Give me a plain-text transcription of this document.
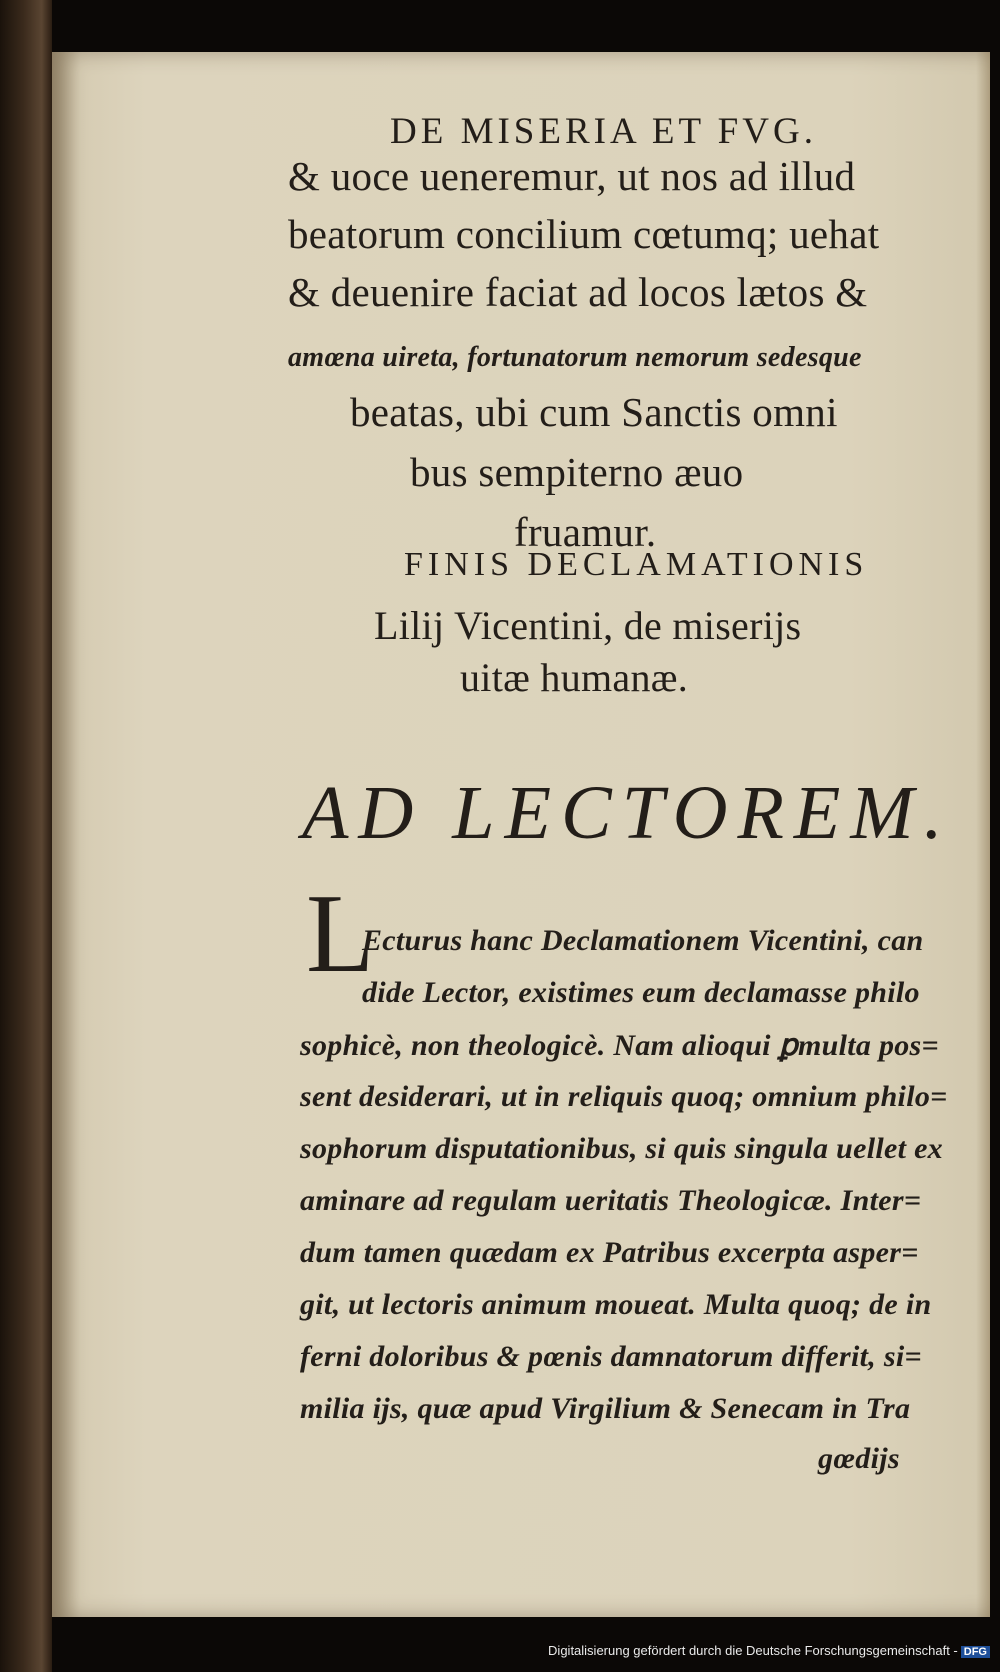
DE MISERIA ET FVG.
& uoce ueneremur, ut nos ad illud
beatorum concilium cœtumq; uehat
& deuenire faciat ad locos lætos &
amœna uireta, fortunatorum nemorum sedesque
beatas, ubi cum Sanctis omni
bus sempiterno æuo
fruamur.
FINIS DECLAMATIONIS
Lilij Vicentini, de miserijs
uitæ humanæ.
AD LECTOREM.
L
Ecturus hanc Declamationem Vicentini, can
dide Lector, existimes eum declamasse philo
sophicè, non theologicè. Nam alioqui ꝑmulta pos=
sent desiderari, ut in reliquis quoq; omnium philo=
sophorum disputationibus, si quis singula uellet ex
aminare ad regulam ueritatis Theologicæ. Inter=
dum tamen quædam ex Patribus excerpta asper=
git, ut lectoris animum moueat. Multa quoq; de in
ferni doloribus & pœnis damnatorum differit, si=
milia ijs, quæ apud Virgilium & Senecam in Tra
gœdijs
Digitalisierung gefördert durch die Deutsche Forschungsgemeinschaft - DFG
